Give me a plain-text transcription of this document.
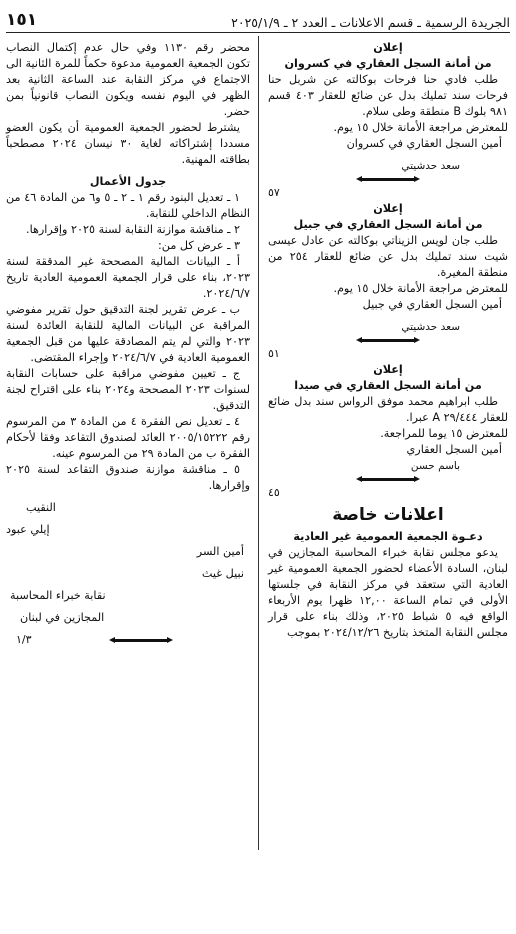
الجريدة الرسمية ـ قسم الاعلانات ـ العدد ٢ ـ ٢٠٢٥/١/٩
١٥١

إعلان

من أمانة السجل العقاري في كسروان

طلب فادي حنا فرحات بوكالته عن شربل حنا فرحات سند تمليك بدل عن ضائع للعقار ٤٠٣ قسم ٩٨١ بلوك B منطقة وطى سلام.

للمعترض مراجعة الأمانة خلال ١٥ يوم.

أمين السجل العقاري في كسروان

سعد حدشيتي

٥٧

إعلان

من أمانة السجل العقاري في جبيل

طلب جان لويس الزيناتي بوكالته عن عادل عيسى شيت سند تمليك بدل عن ضائع للعقار ٢٥٤ من منطقة المغيرة.

للمعترض مراجعة الأمانة خلال ١٥ يوم.

أمين السجل العقاري في جبيل

سعد حدشيتي

٥١

إعلان

من أمانة السجل العقاري في صيدا

طلب ابراهيم محمد موفق الرواس سند بدل ضائع للعقار ٢٩/٤٤٤ A عبرا.

للمعترض ١٥ يوما للمراجعة.

أمين السجل العقاري

باسم حسن

٤٥

اعلانات خاصة

دعـوة الجمعية العمومية غير العادية

يدعو مجلس نقابة خبراء المحاسبة المجازين في لبنان، السادة الأعضاء لحضور الجمعية العمومية غير العادية التي ستعقد في مركز النقابة في جلستها الأولى في تمام الساعة ١٢,٠٠ ظهرا يوم الأربعاء الواقع فيه ٥ شباط ٢٠٢٥، وذلك بناء على قرار مجلس النقابة المتخذ بتاريخ ٢٠٢٤/١٢/٢٦ بموجب

محضر رقم ١١٣٠ وفي حال عدم إكتمال النصاب تكون الجمعية العمومية مدعوة حكماً للمرة الثانية الى الاجتماع في مركز النقابة عند الساعة الثانية بعد الظهر في اليوم نفسه ويكون النصاب قانونياً بمن حضر.

يشترط لحضور الجمعية العمومية أن يكون العضو مسددا إشتراكاته لغاية ٣٠ نيسان ٢٠٢٤ مصطحباً بطاقته المهنية.

جدول الأعمال

١ ـ تعديل البنود رقم ١ ـ ٢ ـ ٥ و٦ من المادة ٤٦ من النظام الداخلي للنقابة.

٢ ـ مناقشة موازنة النقابة لسنة ٢٠٢٥ وإقرارها.

٣ ـ عرض كل من:

أ ـ البيانات المالية المصححة غير المدققة لسنة ٢٠٢٣، بناء على قرار الجمعية العمومية العادية تاريخ ٢٠٢٤/٦/٧.

ب ـ عرض تقرير لجنة التدقيق حول تقرير مفوضي المراقبة عن البيانات المالية للنقابة العائدة لسنة ٢٠٢٣ والتي لم يتم المصادقة عليها من قبل الجمعية العمومية العادية في ٢٠٢٤/٦/٧ وإجراء المقتضى.

ج ـ تعيين مفوضي مراقبة على حسابات النقابة لسنوات ٢٠٢٣ المصححة و٢٠٢٤ بناء على اقتراح لجنة التدقيق.

٤ ـ تعديل نص الفقرة ٤ من المادة ٣ من المرسوم رقم ٢٠٠٥/١٥٢٢٢ العائد لصندوق التقاعد وفقا لأحكام الفقرة ب من المادة ٢٩ من المرسوم عينه.

٥ ـ مناقشة موازنة صندوق التقاعد لسنة ٢٠٢٥ وإقرارها.

النقيب

إيلي عبود

أمين السر

نبيل غيث

نقابة خبراء المحاسبة

المجازين في لبنان

١/٣
